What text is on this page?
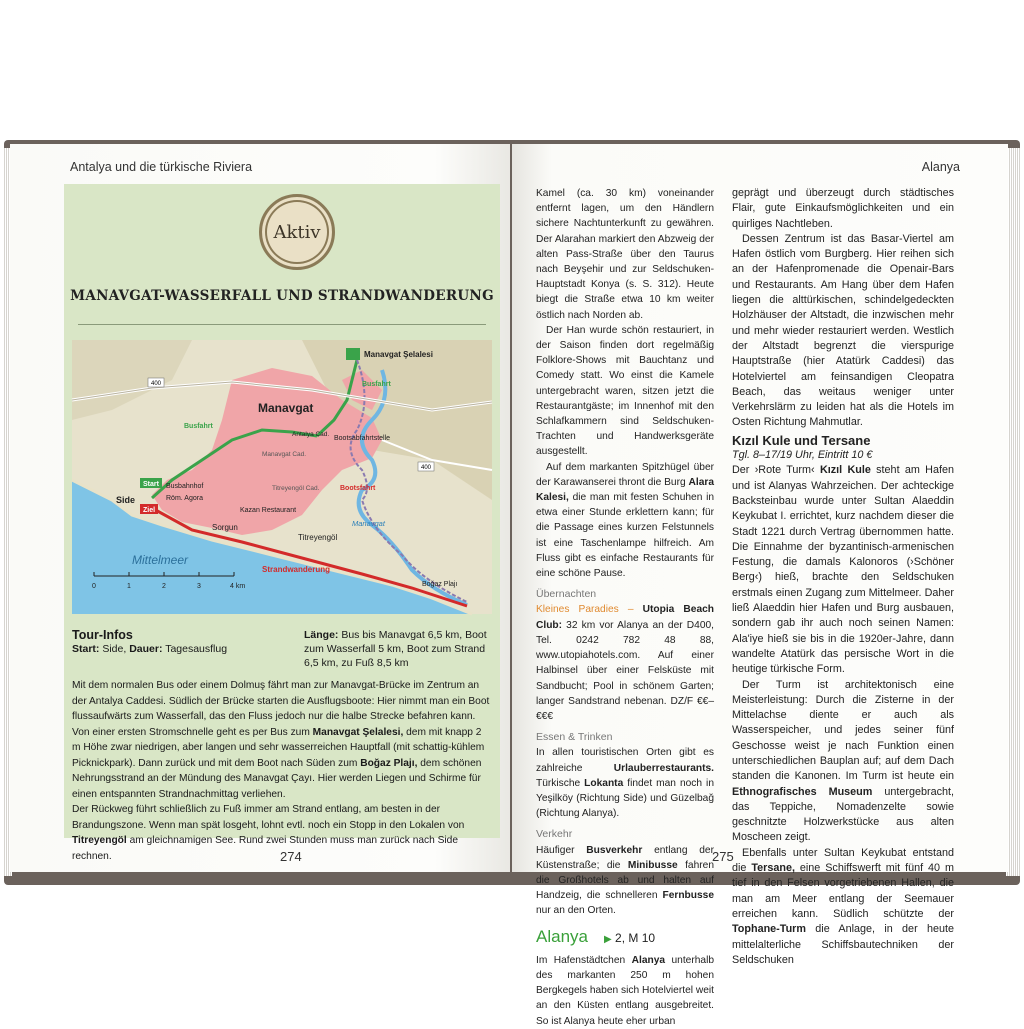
Antalya und die türkische Riviera
Aktiv
MANAVGAT-WASSERFALL UND STRANDWANDERUNG
400
400
Start
Ziel
Manavgat Şelalesi
Busfahrt
Busfahrt
Manavgat
Antalya Cad.
Bootsabfahrtstelle
Manavgat Cad.
Titreyengöl Cad.	Bootsfahrt
Manavgat
Busbahnhof
Röm. Agora
Side
Kazan Restaurant
Sorgun
Titreyengöl
Mittelmeer
Strandwanderung
Boğaz Plajı
0	1	2	3	4 km
Tour-Infos
Start: Side, Dauer: Tagesausflug
Länge: Bus bis Manavgat 6,5 km, Boot zum Wasserfall 5 km, Boot zum Strand 6,5 km, zu Fuß 8,5 km

Mit dem normalen Bus oder einem Dolmuş fährt man zur Manavgat-Brücke im Zentrum an der Antalya Caddesi. Südlich der Brücke starten die Ausflugsboote: Hier nimmt man ein Boot flussaufwärts zum Wasserfall, das den Fluss jedoch nur die halbe Strecke befahren kann. Von einer ersten Stromschnelle geht es per Bus zum Manavgat Şelalesi, dem mit knapp 2 m Höhe zwar niedrigen, aber langen und sehr wasserreichen Hauptfall (mit schattig-kühlem Picknickpark). Dann zurück und mit dem Boot nach Süden zum Boğaz Plajı, dem schönen Nehrungsstrand an der Mündung des Manavgat Çayı. Hier werden Liegen und Schirme für einen entspannten Strandnachmittag verliehen.

Der Rückweg führt schließlich zu Fuß immer am Strand entlang, am besten in der Brandungszone. Wenn man spät losgeht, lohnt evtl. noch ein Stopp in den Lokalen von Titreyengöl am gleichnamigen See. Rund zwei Stunden muss man zurück nach Side rechnen.	274
Alanya

Kamel (ca. 30 km) voneinander entfernt lagen, um den Händlern sichere Nachtunterkunft zu gewähren. Der Alarahan markiert den Abzweig der alten Pass-Straße über den Taurus nach Beyşehir und zur Seldschuken-Hauptstadt Konya (s. S. 312). Heute biegt die Straße etwa 10 km weiter östlich nach Norden ab.

Der Han wurde schön restauriert, in der Saison finden dort regelmäßig Folklore-Shows mit Bauchtanz und Comedy statt. Wo einst die Kamele untergebracht waren, sitzen jetzt die Restaurantgäste; im Innenhof mit den Schlafkammern sind Seldschuken-Trachten und Handwerksgeräte ausgestellt.

Auf dem markanten Spitzhügel über der Karawanserei thront die Burg Alara Kalesi, die man mit festen Schuhen in etwa einer Stunde erklettern kann; für die Passage eines kurzen Felstunnels ist eine Taschenlampe hilfreich. Am Fluss gibt es einfache Restaurants für eine schöne Pause.

Übernachten

Kleines Paradies – Utopia Beach Club: 32 km vor Alanya an der D400, Tel. 0242 782 48 88, www.utopiahotels.com. Auf einer Halbinsel über einer Felsküste mit Sandbucht; Pool in schönem Garten; langer Sandstrand nebenan. DZ/F €€–€€€

Essen & Trinken

In allen touristischen Orten gibt es zahlreiche Urlauberrestaurants. Türkische Lokanta findet man noch in Yeşilköy (Richtung Side) und Güzelbağ (Richtung Alanya).

Verkehr

Häufiger Busverkehr entlang der Küstenstraße; die Minibusse fahren die Großhotels ab und halten auf Handzeig, die schnelleren Fernbusse nur an den Orten.

Alanya ▶ 2, M 10

Im Hafenstädtchen Alanya unterhalb des markanten 250 m hohen Bergkegels haben sich Hotelviertel weit an den Küsten entlang ausgebreitet. So ist Alanya heute eher urban

geprägt und überzeugt durch städtisches Flair, gute Einkaufsmöglichkeiten und ein quirliges Nachtleben.

Dessen Zentrum ist das Basar-Viertel am Hafen östlich vom Burgberg. Hier reihen sich an der Hafenpromenade die Openair-Bars und Restaurants. Am Hang über dem Hafen liegen die alttürkischen, schindelgedeckten Holzhäuser der Altstadt, die inzwischen mehr und mehr wieder restauriert werden. Westlich der Altstadt begrenzt die vierspurige Hauptstraße (hier Atatürk Caddesi) das Hotelviertel am feinsandigen Cleopatra Beach, das weitaus weniger unter Verkehrslärm zu leiden hat als die Hotels im Osten Richtung Mahmutlar.

Kızıl Kule und Tersane
Tgl. 8–17/19 Uhr, Eintritt 10 €

Der ›Rote Turm‹ Kızıl Kule steht am Hafen und ist Alanyas Wahrzeichen. Der achteckige Backsteinbau wurde unter Sultan Alaeddin Keykubat I. errichtet, kurz nachdem dieser die Stadt 1221 durch Vertrag übernommen hatte. Die Einnahme der byzantinisch-armenischen Festung, die damals Kalonoros (›Schöner Berg‹) hieß, brachte den Seldschuken erstmals einen Zugang zum Mittelmeer. Daher ließ Alaeddin hier Hafen und Burg ausbauen, sondern gab ihr auch noch seinen Namen: Ala'iye hieß sie bis in die 1920er-Jahre, dann wandelte Atatürk das persische Wort in die heutige türkische Form.

Der Turm ist architektonisch eine Meisterleistung: Durch die Zisterne in der Mittelachse diente er auch als Wasserspeicher, und jedes seiner fünf Geschosse weist je nach Funktion einen unterschiedlichen Bauplan auf; auf dem Dach standen die Kanonen. Im Turm ist heute ein Ethnografisches Museum untergebracht, das Teppiche, Nomadenzelte sowie geschnitzte Holzwerkstücke aus alten Moscheen zeigt.

Ebenfalls unter Sultan Keykubat entstand die Tersane, eine Schiffswerft mit fünf 40 m tief in den Felsen vorgetriebenen Hallen, die man am Meer entlang der Seemauer erreichen kann. Südlich schützte der Tophane-Turm die Anlage, in der heute mittelalterliche Schiffsbautechniken der Seldschuken

275
